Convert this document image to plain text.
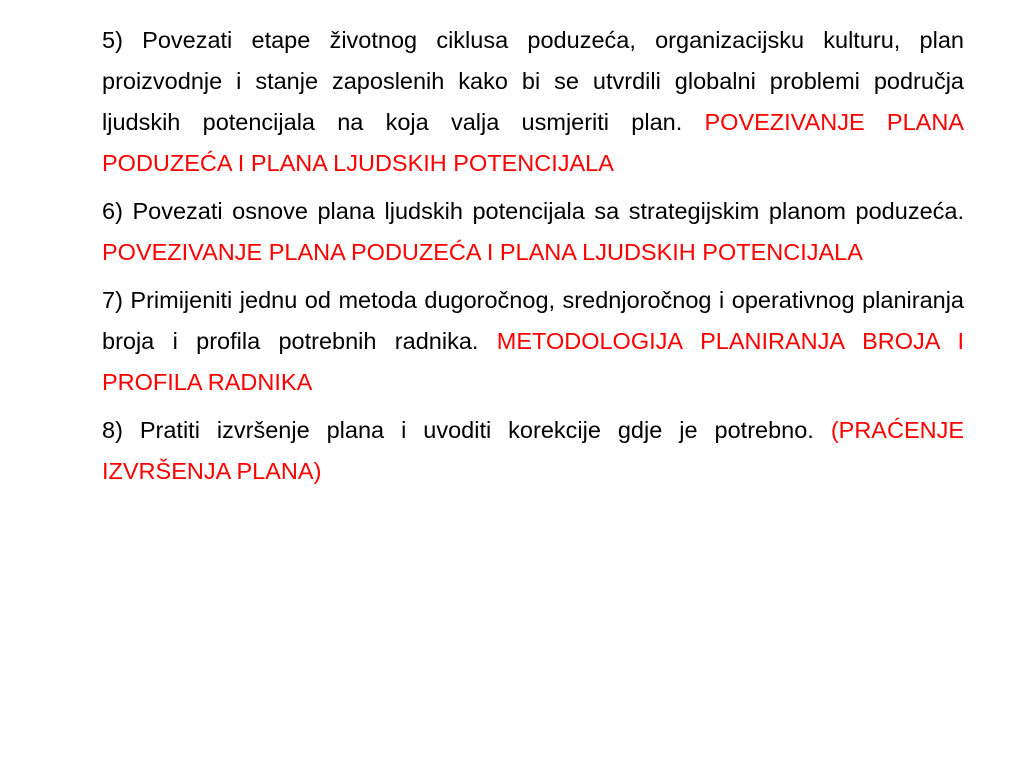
5) Povezati etape životnog ciklusa poduzeća, organizacijsku kulturu, plan proizvodnje i stanje zaposlenih kako bi se utvrdili globalni problemi područja ljudskih potencijala na koja valja usmjeriti plan. POVEZIVANJE PLANA PODUZEĆA I PLANA LJUDSKIH POTENCIJALA

6) Povezati osnove plana ljudskih potencijala sa strategijskim planom poduzeća. POVEZIVANJE PLANA PODUZEĆA I PLANA LJUDSKIH POTENCIJALA

7) Primijeniti jednu od metoda dugoročnog, srednjoročnog i operativnog planiranja broja i profila potrebnih radnika. METODOLOGIJA PLANIRANJA BROJA I PROFILA RADNIKA

8) Pratiti izvršenje plana i uvoditi korekcije gdje je potrebno. (PRAĆENJE IZVRŠENJA PLANA)
